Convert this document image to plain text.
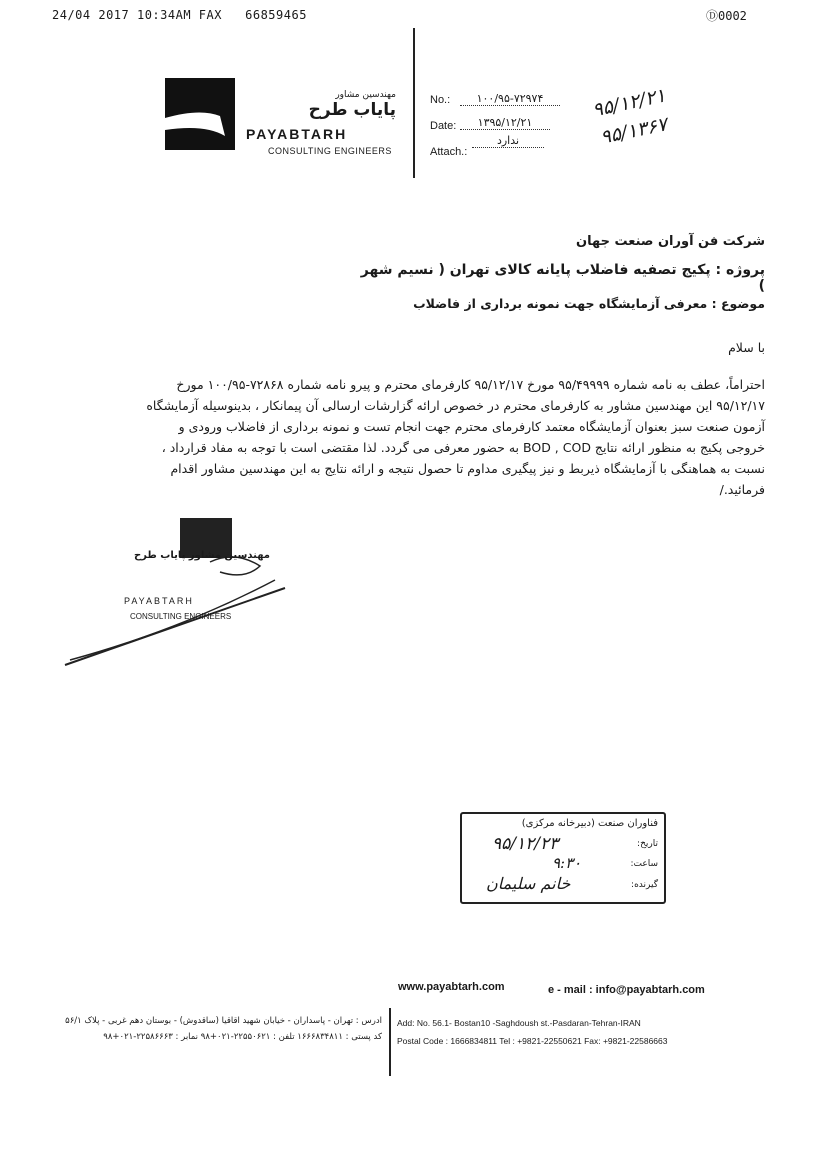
24/04 2017 10:34AM FAX   66859465	Ⓓ0002
مهندسین مشاور
پایاب طرح
PAYABTARH
CONSULTING ENGINEERS
No.:	۱۰۰/۹۵-۷۲۹۷۴
Date:	۱۳۹۵/۱۲/۲۱
Attach.:
ندارد
۹۵/۱۲/۲۱
۹۵/۱۳۶۷
شرکت فن آوران صنعت جهان
پروژه : پکیج تصفیه فاضلاب پایانه کالای تهران ( نسیم شهر )
موضوع : معرفی آزمایشگاه جهت نمونه برداری از فاضلاب
با سلام
احتراماً، عطف به نامه شماره ۹۵/۴۹۹۹۹ مورخ ۹۵/۱۲/۱۷ کارفرمای محترم و پیرو نامه شماره ۷۲۸۶۸-۱۰۰/۹۵ مورخ
۹۵/۱۲/۱۷ این مهندسین مشاور به کارفرمای محترم در خصوص ارائه گزارشات ارسالی آن پیمانکار ، بدینوسیله آزمایشگاه
آزمون صنعت سبز بعنوان آزمایشگاه معتمد کارفرمای محترم جهت انجام تست و نمونه برداری از فاضلاب ورودی و
خروجی پکیج به منظور ارائه نتایج BOD , COD به حضور معرفی می گردد. لذا مقتضی است با توجه به مفاد قرارداد ،
نسبت به هماهنگی با آزمایشگاه ذیربط و نیز پیگیری مداوم تا حصول نتیجه و ارائه نتایج به این مهندسین مشاور اقدام
فرمائید./
مهندسین مشاور پایاب طرح
PAYABTARH
CONSULTING ENGINEERS
فناوران صنعت (دبیرخانه مرکزی)
تاریخ:
۹۵/۱۲/۲۳
ساعت:
۹:۳۰
گیرنده:
خانم سلیمان
www.payabtarh.com	e - mail : info@payabtarh.com
آدرس : تهران - پاسداران - خیابان شهید اقاقیا (ساقدوش) - بوستان دهم غربی - پلاک ۵۶/۱
کد پستی : ۱۶۶۶۸۳۴۸۱۱ تلفن : ۲۲۵۵۰۶۲۱-۰۲۱+۹۸ نمابر : ۲۲۵۸۶۶۶۳-۰۲۱+۹۸
Add: No. 56.1- Bostan10 -Saghdoush st.-Pasdaran-Tehran-IRAN
Postal Code : 1666834811 Tel : +9821-22550621 Fax: +9821-22586663
